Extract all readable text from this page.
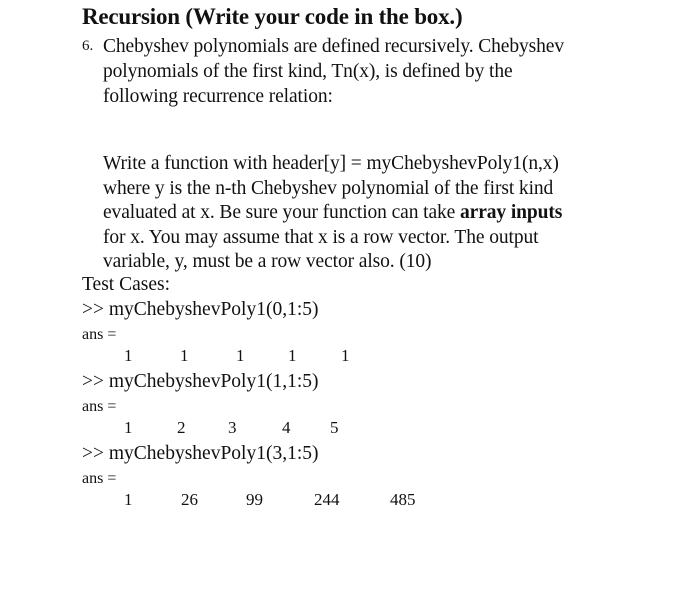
Recursion (Write your code in the box.)
6. Chebyshev polynomials are defined recursively. Chebyshev
polynomials of the first kind, Tn(x), is defined by the
following recurrence relation:
Write a function with header[y] = myChebyshevPoly1(n,x)
where y is the n-th Chebyshev polynomial of the first kind
evaluated at x. Be sure your function can take array inputs
for x. You may assume that x is a row vector. The output
variable, y, must be a row vector also. (10)
Test Cases:
>> myChebyshevPoly1(0,1:5)
ans =
1	1	1	1	1
>> myChebyshevPoly1(1,1:5)
ans =
1	2	3	4 5
>> myChebyshevPoly1(3,1:5)
ans =
1	26	99	244	485
